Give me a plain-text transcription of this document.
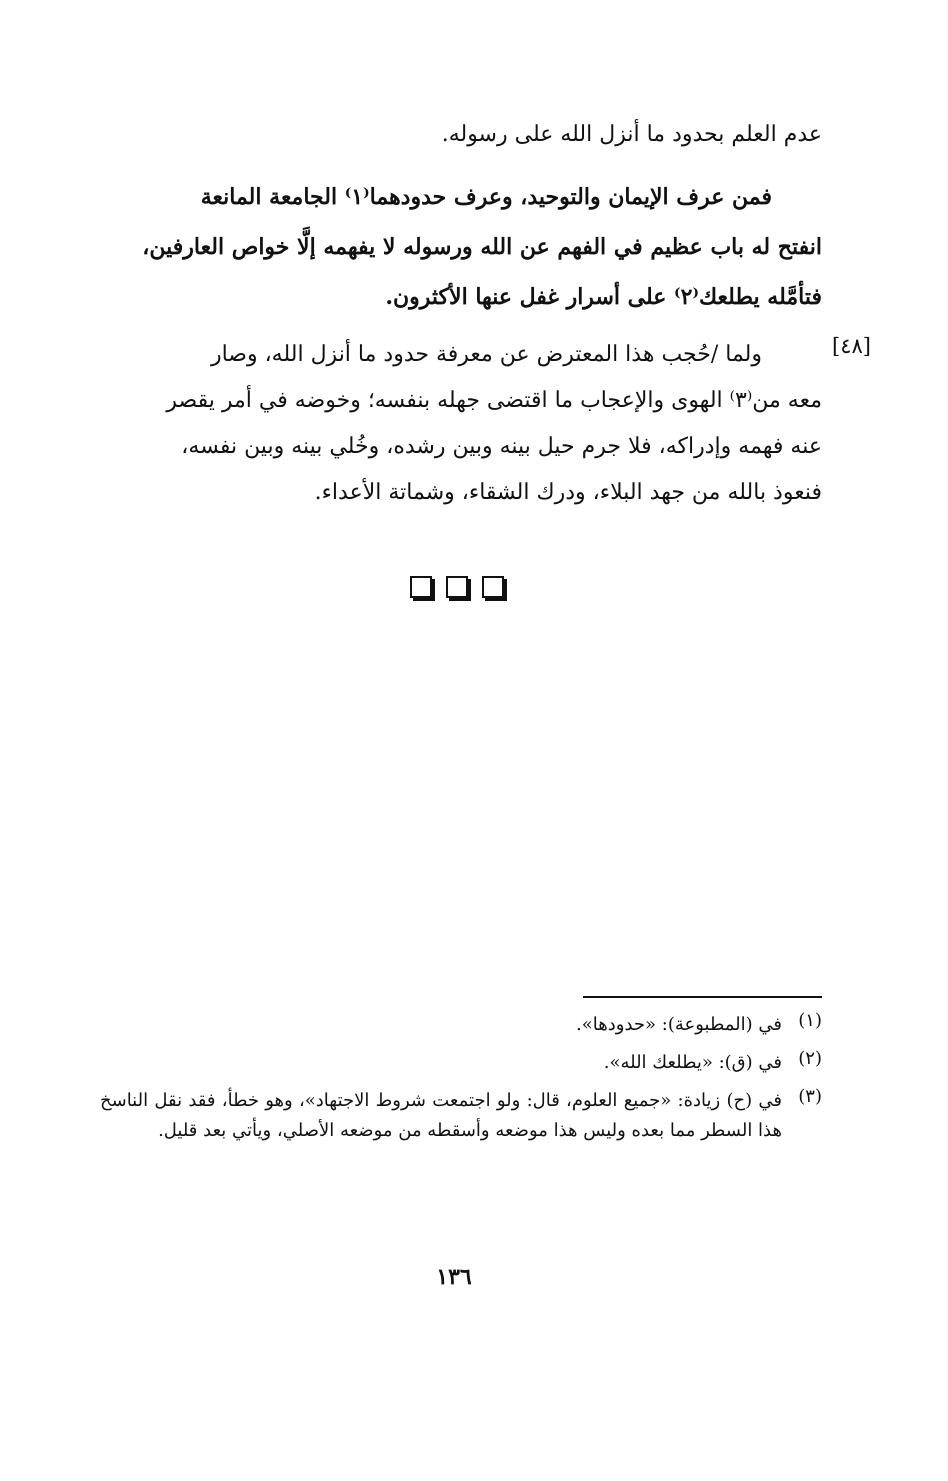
عدم العلم بحدود ما أنزل الله على رسوله.
فمن عرف الإيمان والتوحيد، وعرف حدودهما⁽١⁾ الجامعة المانعة
انفتح له باب عظيم في الفهم عن الله ورسوله لا يفهمه إلَّا خواص العارفين،
فتأمَّله يطلعك⁽٢⁾ على أسرار غفل عنها الأكثرون.
[٤٨]
ولما /حُجب هذا المعترض عن معرفة حدود ما أنزل الله، وصار
معه من⁽٣⁾ الهوى والإعجاب ما اقتضى جهله بنفسه؛ وخوضه في أمر يقصر
عنه فهمه وإدراكه، فلا جرم حيل بينه وبين رشده، وخُلي بينه وبين نفسه،
فنعوذ بالله من جهد البلاء، ودرك الشقاء، وشماتة الأعداء.
(١)
في (المطبوعة): «حدودها».
(٢)
في (ق): «يطلعك الله».
(٣)
في (ح) زيادة: «جميع العلوم، قال: ولو اجتمعت شروط الاجتهاد»، وهو خطأ، فقد نقل الناسخ هذا السطر مما بعده وليس هذا موضعه وأسقطه من موضعه الأصلي، ويأتي بعد قليل.
١٣٦
